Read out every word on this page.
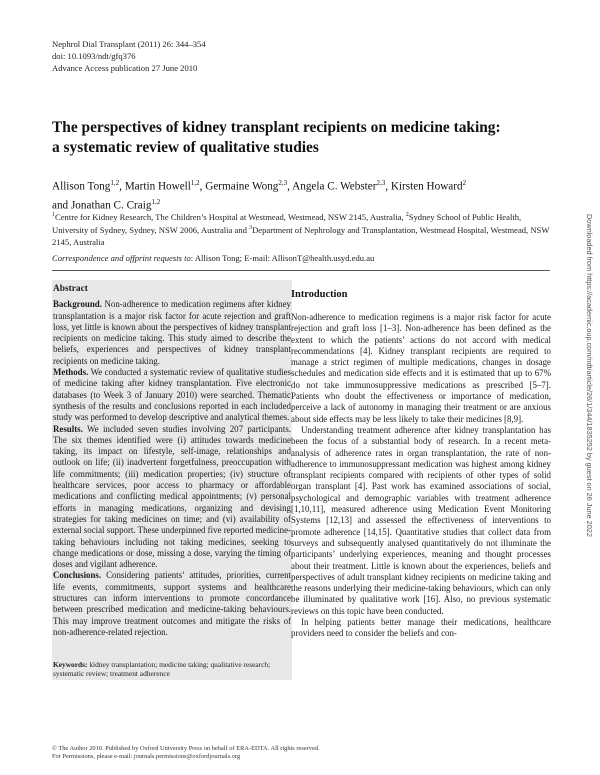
Nephrol Dial Transplant (2011) 26: 344–354
doi: 10.1093/ndt/gfq376
Advance Access publication 27 June 2010
The perspectives of kidney transplant recipients on medicine taking:
a systematic review of qualitative studies
Allison Tong$^{1,2}$, Martin Howell$^{1,2}$, Germaine Wong$^{2,3}$, Angela C. Webster$^{2,3}$, Kirsten Howard$^2$
and Jonathan C. Craig$^{1,2}$
$^1$Centre for Kidney Research, The Children’s Hospital at Westmead, Westmead, NSW 2145, Australia, $^2$Sydney School of Public Health, University of Sydney, Sydney, NSW 2006, Australia and $^3$Department of Nephrology and Transplantation, Westmead Hospital, Westmead, NSW 2145, Australia
Correspondence and offprint requests to: Allison Tong; E-mail: AllisonT@health.usyd.edu.au
Abstract

Background. Non-adherence to medication regimens after kidney transplantation is a major risk factor for acute rejection and graft loss, yet little is known about the perspectives of kidney transplant recipients on medicine taking. This study aimed to describe the beliefs, experiences and perspectives of kidney transplant recipients on medicine taking.

Methods. We conducted a systematic review of qualitative studies of medicine taking after kidney transplantation. Five electronic databases (to Week 3 of January 2010) were searched. Thematic synthesis of the results and conclusions reported in each included study was performed to develop descriptive and analytical themes.

Results. We included seven studies involving 207 participants. The six themes identified were (i) attitudes towards medicine taking, its impact on lifestyle, self-image, relationships and outlook on life; (ii) inadvertent forgetfulness, preoccupation with life commitments; (iii) medication properties; (iv) structure of healthcare services, poor access to pharmacy or affordable medications and conflicting medical appointments; (v) personal efforts in managing medications, organizing and devising strategies for taking medicines on time; and (vi) availability of external social support. These underpinned five reported medicine-taking behaviours including not taking medicines, seeking to change medications or dose, missing a dose, varying the timing of doses and vigilant adherence.

Conclusions. Considering patients’ attitudes, priorities, current life events, commitments, support systems and healthcare structures can inform interventions to promote concordance between prescribed medication and medicine-taking behaviours. This may improve treatment outcomes and mitigate the risks of non-adherence-related rejection.

Keywords: kidney transplantation; medicine taking; qualitative research; systematic review; treatment adherence
Introduction

Non-adherence to medication regimens is a major risk factor for acute rejection and graft loss [1–3]. Non-adherence has been defined as the extent to which the patients’ actions do not accord with medical recommendations [4]. Kidney transplant recipients are required to manage a strict regimen of multiple medications, changes in dosage schedules and medication side effects and it is estimated that up to 67% do not take immunosuppressive medications as prescribed [5–7]. Patients who doubt the effectiveness or importance of medication, perceive a lack of autonomy in managing their treatment or are anxious about side effects may be less likely to take their medicines [8,9].

Understanding treatment adherence after kidney transplantation has been the focus of a substantial body of research. In a recent meta-analysis of adherence rates in organ transplantation, the rate of non-adherence to immunosuppressant medication was highest among kidney transplant recipients compared with recipients of other types of solid organ transplant [4]. Past work has examined associations of social, psychological and demographic variables with treatment adherence [1,10,11], measured adherence using Medication Event Monitoring Systems [12,13] and assessed the effectiveness of interventions to promote adherence [14,15]. Quantitative studies that collect data from surveys and subsequently analysed quantitatively do not illuminate the participants’ underlying experiences, meaning and thought processes about their treatment. Little is known about the experiences, beliefs and perspectives of adult transplant kidney recipients on medicine taking and the reasons underlying their medicine-taking behaviours, which can only be illuminated by qualitative work [16]. Also, no previous systematic reviews on this topic have been conducted.

In helping patients better manage their medications, healthcare providers need to consider the beliefs and con-

© The Author 2010. Published by Oxford University Press on behalf of ERA-EDTA. All rights reserved.
For Permissions, please e-mail: journals.permissions@oxfordjournals.org
Downloaded from https://academic.oup.com/ndt/article/26/1/344/1835252 by guest on 26 June 2022
